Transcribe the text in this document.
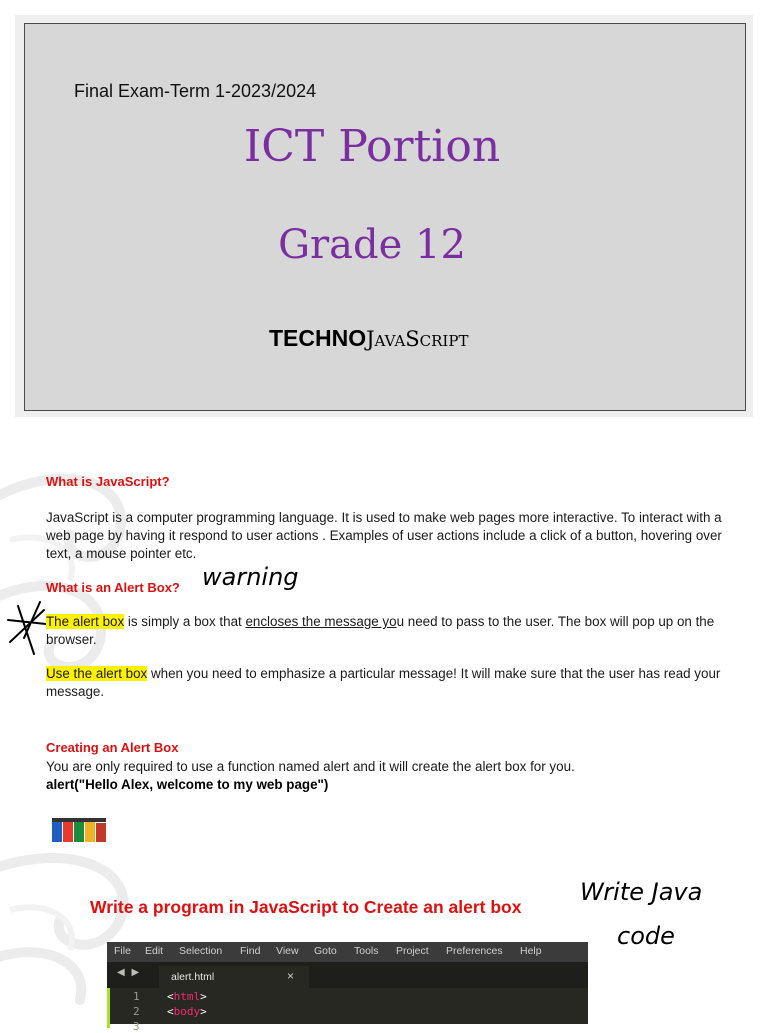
Final Exam-Term 1-2023/2024
ICT Portion
Grade 12
TECHNOJavaScript
What is JavaScript?
JavaScript is a computer programming language. It is used to make web pages more interactive. To interact with a web page by having it respond to user actions . Examples of user actions include a click of a button, hovering over text, a mouse pointer etc.
What is an Alert Box? warning
The alert box is simply a box that encloses the message you need to pass to the user. The box will pop up on the browser.
Use the alert box when you need to emphasize a particular message! It will make sure that the user has read your message.
Creating an Alert Box
You are only required to use a function named alert and it will create the alert box for you.
alert("Hello Alex, welcome to my web page")
Write a program in JavaScript to Create an alert box
Write Java
code
File Edit Selection Find View Goto Tools Project Preferences Help
◀ ▶	alert.html	×
1
2
3
<html>
<body>
